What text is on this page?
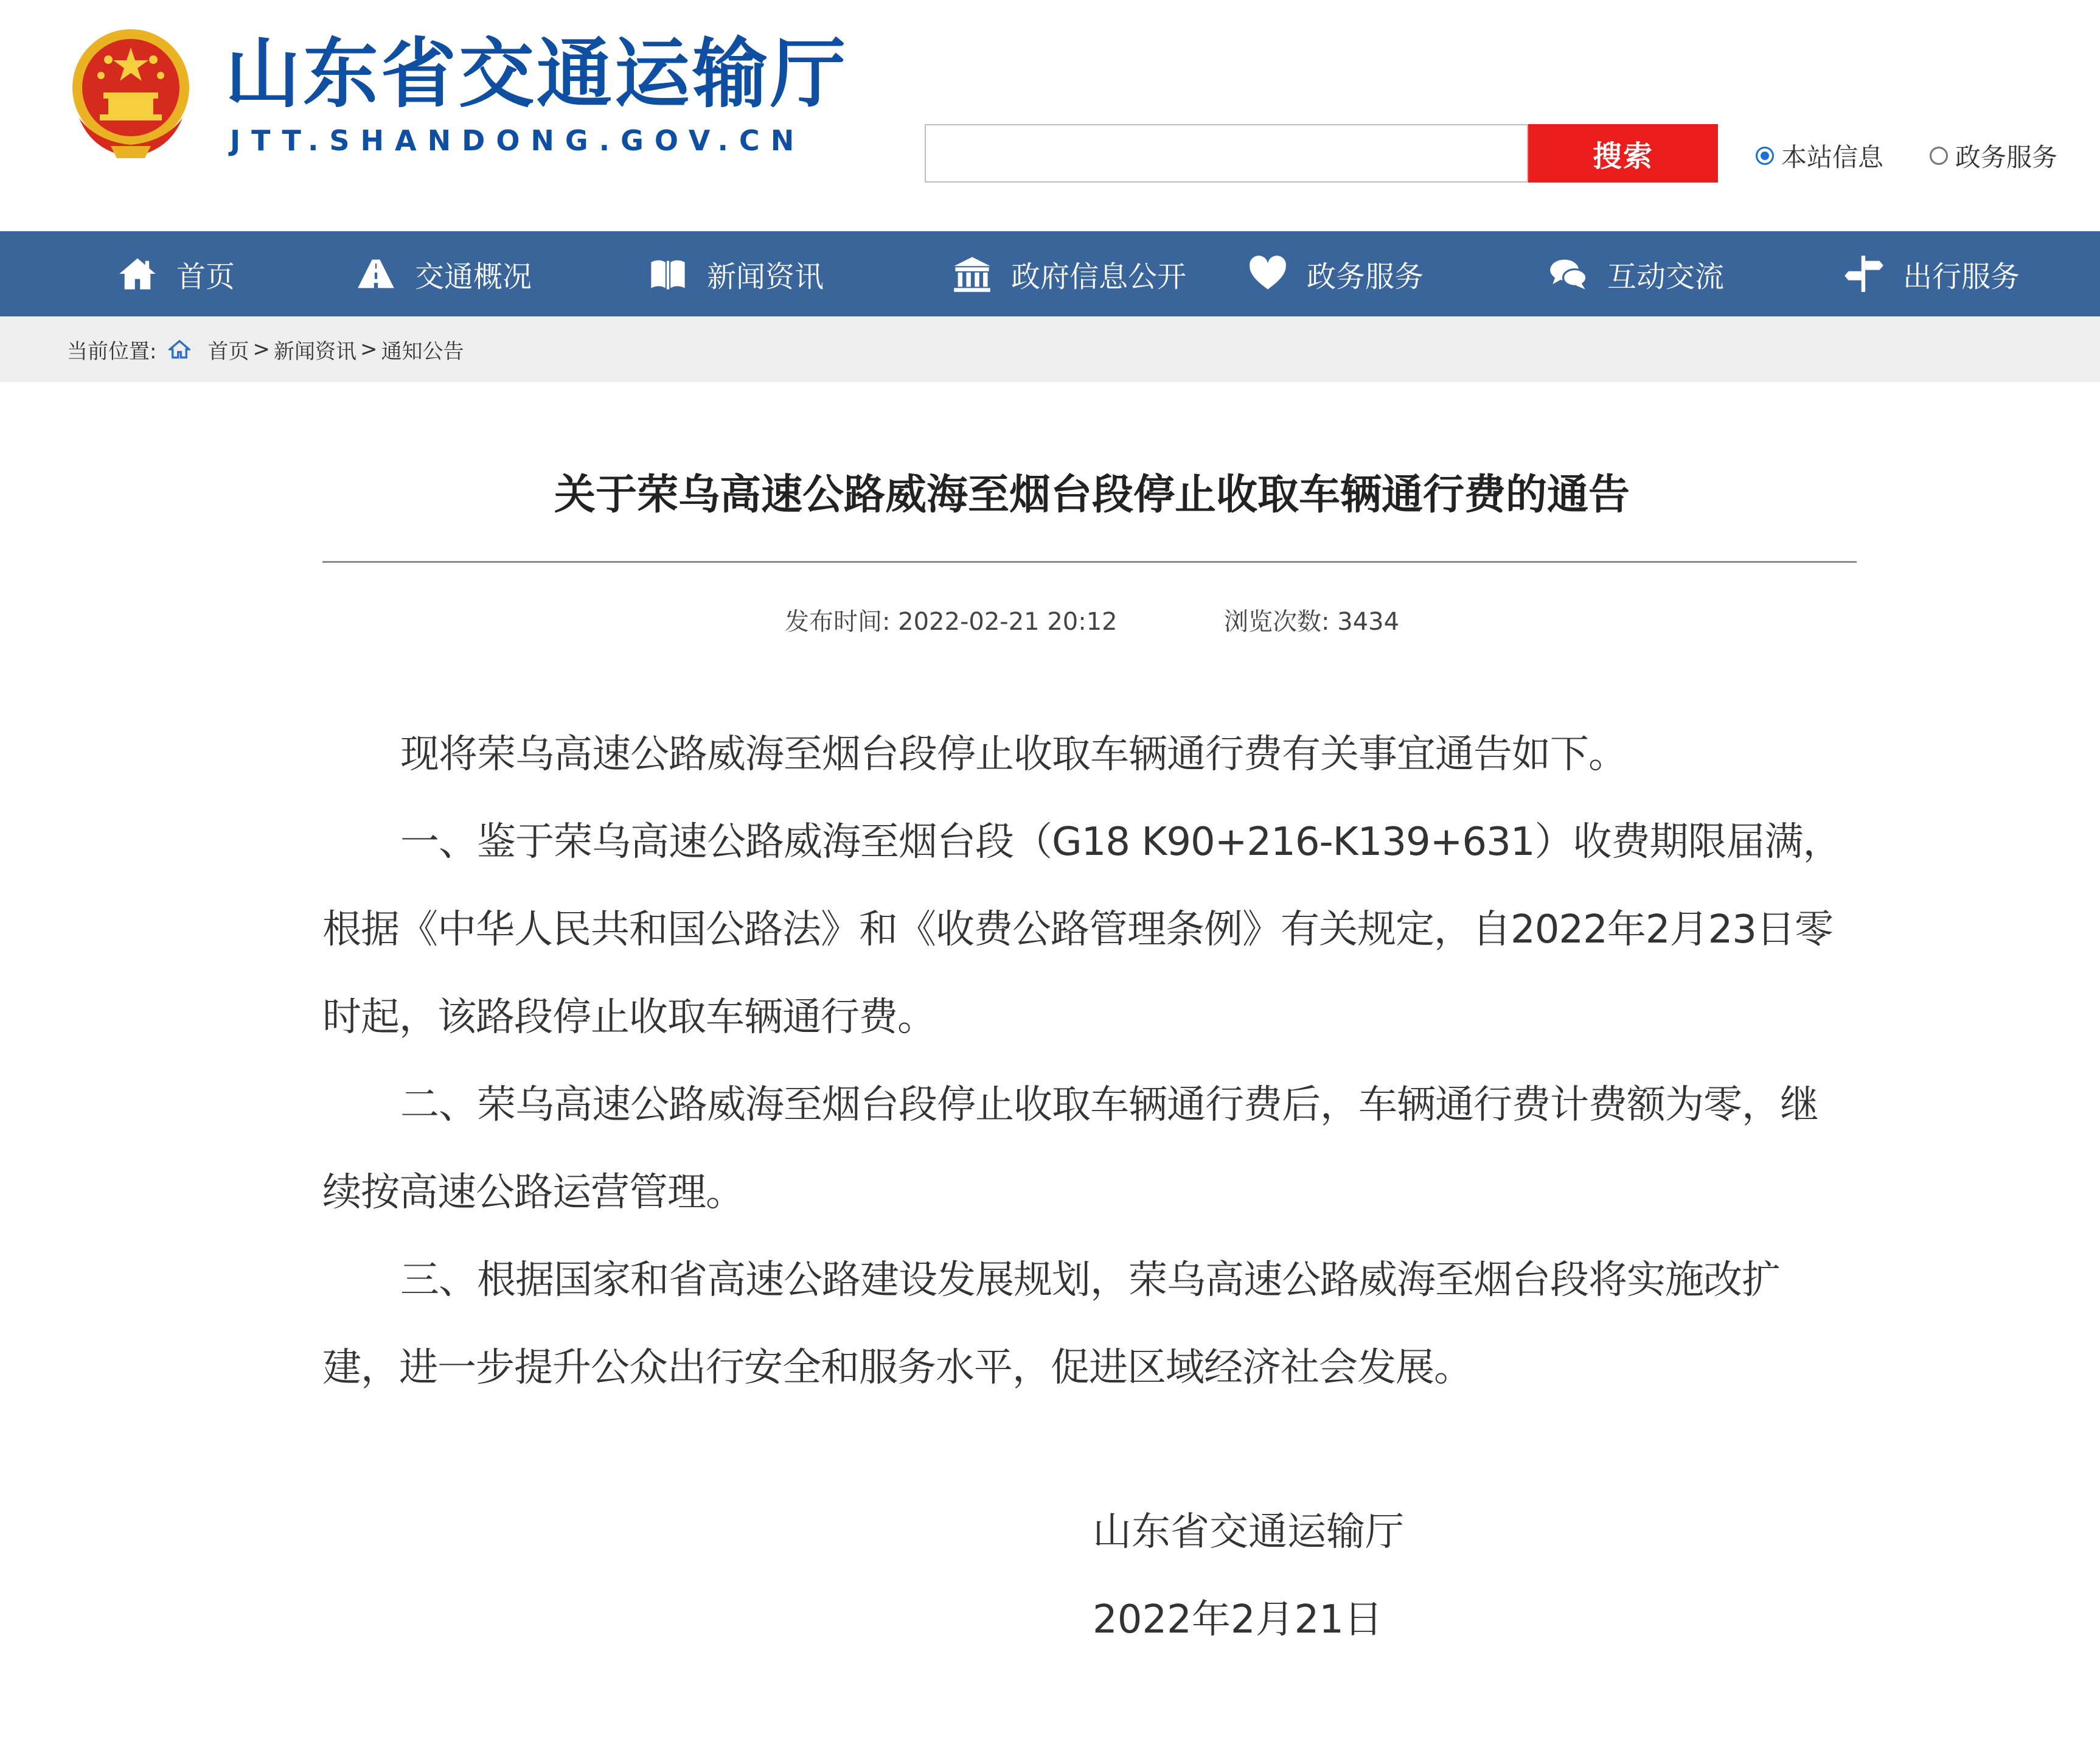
山东省交通运输厅
JTT.SHANDONG.GOV.CN	搜索	本站信息	政务服务
首页	交通概况	新闻资讯	政府信息公开	政务服务	互动交流	出行服务
当前位置: 首页 > 新闻资讯 > 通知公告
关于荣乌高速公路威海至烟台段停止收取车辆通行费的通告
发布时间: 2022-02-21 20:12	浏览次数: 3434

现将荣乌高速公路威海至烟台段停止收取车辆通行费有关事宜通告如下。

一、鉴于荣乌高速公路威海至烟台段（G18 K90+216-K139+631）收费期限届满，根据《中华人民共和国公路法》和《收费公路管理条例》有关规定，自2022年2月23日零时起，该路段停止收取车辆通行费。

二、荣乌高速公路威海至烟台段停止收取车辆通行费后，车辆通行费计费额为零，继续按高速公路运营管理。

三、根据国家和省高速公路建设发展规划，荣乌高速公路威海至烟台段将实施改扩建，进一步提升公众出行安全和服务水平，促进区域经济社会发展。

山东省交通运输厅
2022年2月21日
